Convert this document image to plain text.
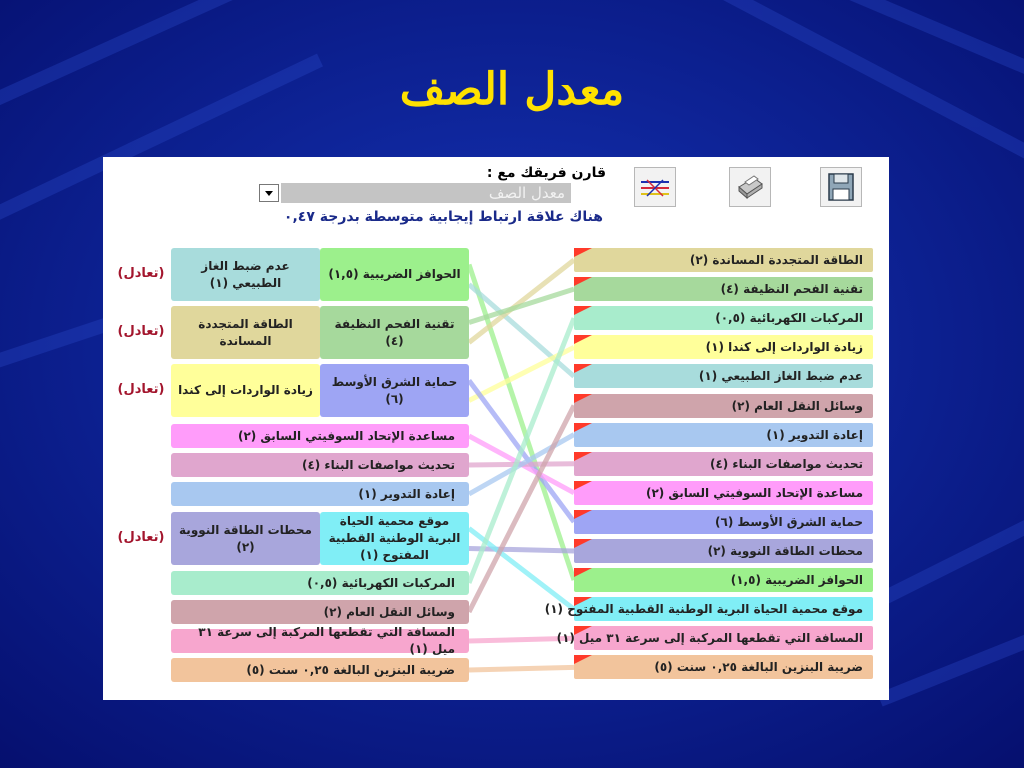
معدل الصف
قارن فريقك مع :
معدل الصف
هناك علاقة ارتباط إيجابية متوسطة بدرجة ٠,٤٧
الحوافز الضريبية (١,٥)
عدم ضبط الغاز الطبيعي (١)
(تعادل)
تقنية الفحم النظيفة (٤)
الطاقة المتجددة المساندة
(تعادل)
حماية الشرق الأوسط (٦)
زيادة الواردات إلى كندا
(تعادل)
مساعدة الإتحاد السوفيتي السابق (٢)
تحديث مواصفات البناء (٤)
إعادة التدوير (١)
موقع محمية الحياة البرية الوطنية القطبية المفتوح (١)
محطات الطاقة النووية (٢)
(تعادل)
المركبات الكهربائية (٠,٥)
وسائل النقل العام (٢)
المسافة التي تقطعها المركبة إلى سرعة ٣١ ميل (١)
ضريبة البنزين البالغة ٠,٢٥ سنت (٥)
الطاقة المتجددة المساندة (٢)
تقنية الفحم النظيفة (٤)
المركبات الكهربائية (٠,٥)
زيادة الواردات إلى كندا (١)
عدم ضبط الغاز الطبيعي (١)
وسائل النقل العام (٢)
إعادة التدوير (١)
تحديث مواصفات البناء (٤)
مساعدة الإتحاد السوفيتي السابق (٢)
حماية الشرق الأوسط (٦)
محطات الطاقة النووية (٢)
الحوافز الضريبية (١,٥)
موقع محمية الحياة البرية الوطنية القطبية المفتوح (١)
المسافة التي تقطعها المركبة إلى سرعة ٣١ ميل (١)
ضريبة البنزين البالغة ٠,٢٥ سنت (٥)
